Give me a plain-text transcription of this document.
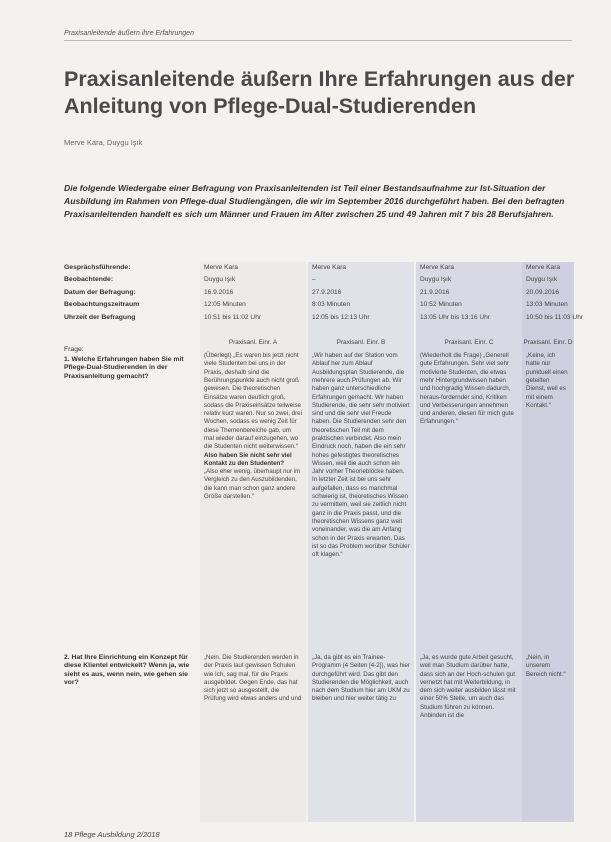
Praxisanleitende äußern ihre Erfahrungen
Praxisanleitende äußern Ihre Erfahrungen aus der Anleitung von Pflege-Dual-Studierenden
Merve Kara, Duygu Işık
Die folgende Wiedergabe einer Befragung von Praxisanleitenden ist Teil einer Bestandsaufnahme zur Ist-Situation der Ausbildung im Rahmen von Pflege-dual Studiengängen, die wir im September 2016 durchgeführt haben. Bei den befragten Praxisanleitenden handelt es sich um Männer und Frauen im Alter zwischen 25 und 49 Jahren mit 7 bis 28 Berufsjahren.
Gesprächsführende:
Beobachtende:
Datum der Befragung:
Beobachtungszeitraum
Uhrzeit der Befragung
Frage:
1. Welche Erfahrungen haben Sie mit Pflege-Dual-Studierenden in der Praxisanleitung gemacht?
2. Hat Ihre Einrichtung ein Konzept für diese Klientel entwickelt? Wenn ja, wie sieht es aus, wenn nein, wie gehen sie vor?
Merve Kara
Duygu Işık
16.9.2016
12:05 Minuten
10:51 bis 11:02 Uhr
Praxisanl. Einr. A
(Überlegt) „Es waren bis jetzt nicht viele Studenten bei uns in der Praxis, deshalb sind die Berührungspunkte auch nicht groß gewesen. Die theoretischen Einsätze waren deutlich groß, sodass die Praxiseinsätze teilweise relativ kurz waren. Nur so zwei, drei Wochen, sodass es wenig Zeit für diese Themenbereiche gab, um mal wieder darauf einzugehen, wo die Studenten nicht weiterwissen.“
Also haben Sie nicht sehr viel Kontakt zu den Studenten?
„Also eher wenig, überhaupt nur im Vergleich zu den Auszubildenden, die kann man schon ganz andere Größe darstellen.“
„Nein. Die Studierenden werden in der Praxis laut gewissen Schulen wie Ich, sag mal, für die Praxis ausgebildet. Gegen Ende, das hat sich jetzt so ausgestellt, die Prüfung wird etwas anders und und
Merve Kara
–
27.9.2016
8:03 Minuten
12:05 bis 12:13 Uhr
Praxisanl. Einr. B
„Wir haben auf der Station vom Ablauf her zum Ablauf Ausbildungsplan Studierende, die mehrere auch Prüfungen ab. Wir haben ganz unterschiedliche Erfahrungen gemacht. Wir haben Studierende, die sehr sehr motiviert sind und die sehr viel Freude haben. Die Studierenden sehr den theoretischen Teil mit dem praktischen verbindet. Also mein Eindruck noch, haben die ein sehr hohes gefestigtes theoretisches Wissen, weil die auch schon ein Jahr vorher Theorieblöcke haben. In letzter Zeit ist bei uns sehr aufgefallen, dass es manchmal schwierig ist, theoretisches Wissen zu vermitteln, weil sie zeitlich nicht ganz in die Praxis passt, und die theoretischen Wissens ganz weit voneinander, was die am Anfang schon in der Praxis erwarten. Das ist so das Problem worüber Schüler oft klagen.“
„Ja, da gibt es ein Trainee-Programm (4 Seiten [4-2]), was hier durchgeführt wird. Das gibt den Studierenden die Möglichkeit, auch nach dem Studium hier am UKM zu bleiben und hier weiter tätig zu
Merve Kara
Duygu Işık
21.9.2016
10:52 Minuten
13:05 Uhr bis 13:16 Uhr
Praxisanl. Einr. C
(Wiederholt die Frage) „Generell gute Erfahrungen. Sehr viel sehr motivierte Studenten, die etwas mehr Hintergrundwissen haben und hochgradig Wissen dadurch, heraus-fordernder sind, Kritiken und Verbesserungen annehmen und anderen, diesen für mich gute Erfahrungen.“
„Ja, es wurde gute Arbeit gesucht, weil man Studium darüber hatte, dass sich an der Hoch-schulen gut vernetzt hat mit Weiterbildung, in dem sich weiter ausbilden lässt mit einer 50% Stelle, um auch das Studium führen zu können. Anbinden ist die
Merve Kara
Duygu Işık
20.09.2016
13:03 Minuten
10:50 bis 11:03 Uhr
Praxisanl. Einr. D
„Keine, ich hatte nur punktuell einen geteilten Dienst, weil es mit einem Kontakt.“
„Nein, in unserem Bereich nicht.“
18 Pflege Ausbildung 2/2018
